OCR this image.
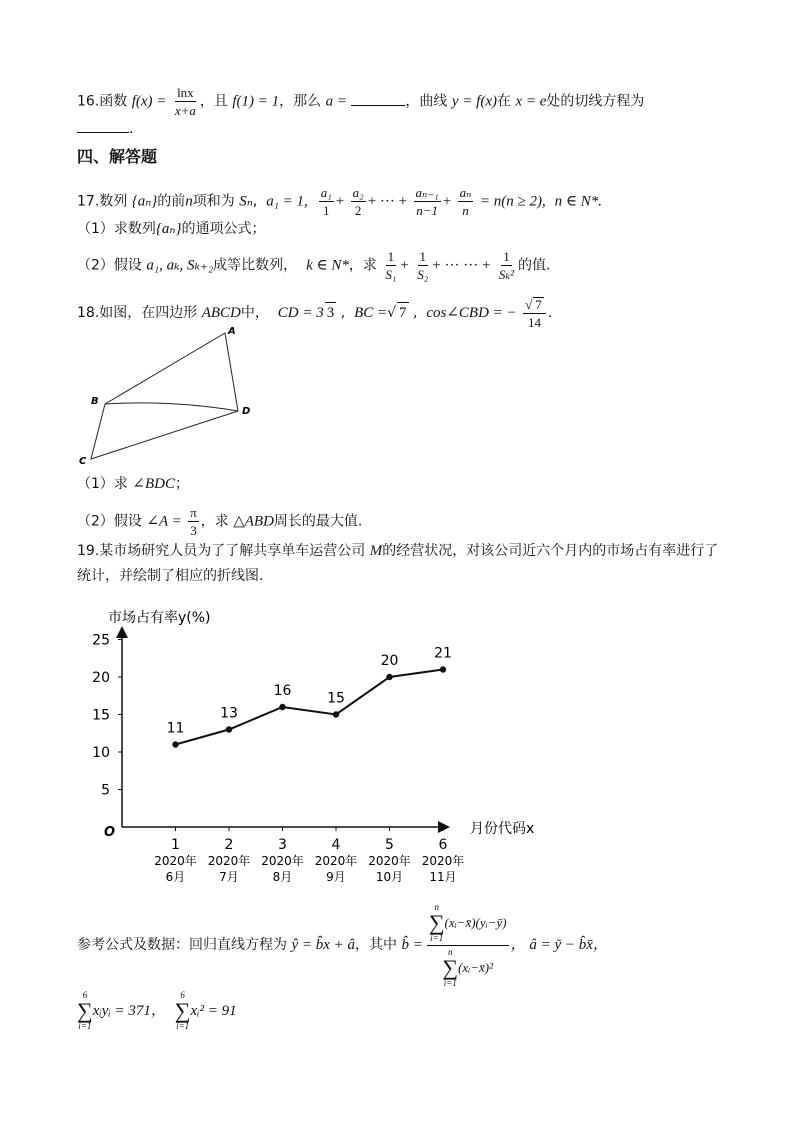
16.函数 $f(x) = \frac{\ln x}{x+a}$ ，且 f(1) = 1，那么 a =	，曲线 y = f(x)在 x = e处的切线方程为
.
四、解答题
17.数列 {aₙ}的前n项和为 Sₙ,  a₁ = 1, $\frac{\text{a₁}}{1} + \frac{\text{a₂}}{2}$ + ··· + $\frac{\text{aₙ₋₁}}{n-1} + \frac{\text{aₙ}}{n} = n(n \ge 2)$, n ∈ N*.
（1）求数列{aₙ}的通项公式；
（2）假设 a₁, aₖ, Sₖ₊₂成等比数列， k ∈ N*，求 $\frac{1}{\text{S₁}} + \frac{1}{\text{S₂}}$ + ··· ··· + $\frac{1}{\text{Sₖ²}}$ 的值.
18.如图，在四边形 ABCD中， CD = 3 3 ,  BC =√ 7 ,  cos∠CBD = − $\frac{√ 7}{14}$ .
A
B
C
D
（1）求 ∠BDC；
（2）假设 ∠A = $\frac{\pi}{3}$ ，求 △ABD周长的最大值.
19.某市场研究人员为了了解共享单车运营公司 M的经营状况，对该公司近六个月内的市场占有率进行了
统计，并绘制了相应的折线图.
市场占有率y(%)
月份代码x
O
5
10
15
20
25
1
2020年
6月
2
2020年
7月
3
2020年
8月
4
2020年
9月
5
2020年
10月
6
2020年
11月
11
13
16	15
20	21
参考公式及数据：回归直线方程为
ŷ = b̂x + â ，其中
b̂ = n
∑
i=1
(xᵢ−x̄)(yᵢ−ȳ)
n
∑
i=1
(xᵢ−x̄)² ， â = ȳ − b̂x̄，
6
∑
i=1
xᵢyᵢ = 371，

6
∑
i=1
xᵢ² = 91
